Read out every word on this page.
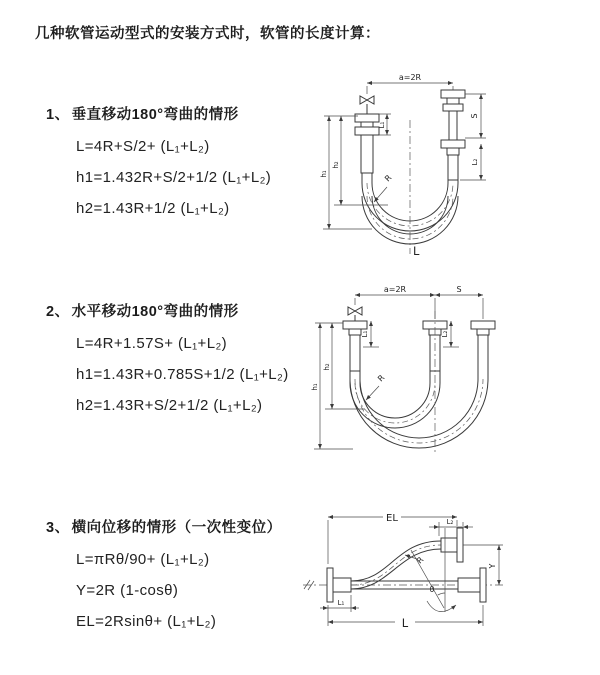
几种软管运动型式的安装方式时，软管的长度计算：
1、 垂直移动180°弯曲的情形
L=4R+S/2+ (L₁+L₂)
h1=1.432R+S/2+1/2 (L₁+L₂)
h2=1.43R+1/2 (L₁+L₂)
2、 水平移动180°弯曲的情形
L=4R+1.57S+ (L₁+L₂)
h1=1.43R+0.785S+1/2 (L₁+L₂)
h2=1.43R+S/2+1/2 (L₁+L₂)
3、 横向位移的情形（一次性变位）
L=πRθ/90+ (L₁+L₂)
Y=2R (1-cosθ)
EL=2Rsinθ+ (L₁+L₂)
a=2R
R
h₂
h₁
L₁
S
L₂
L
a=2R	S
R
L₁	L₂
h₂
h₁
EL	L₂
Y
R
θ
L₁
L
